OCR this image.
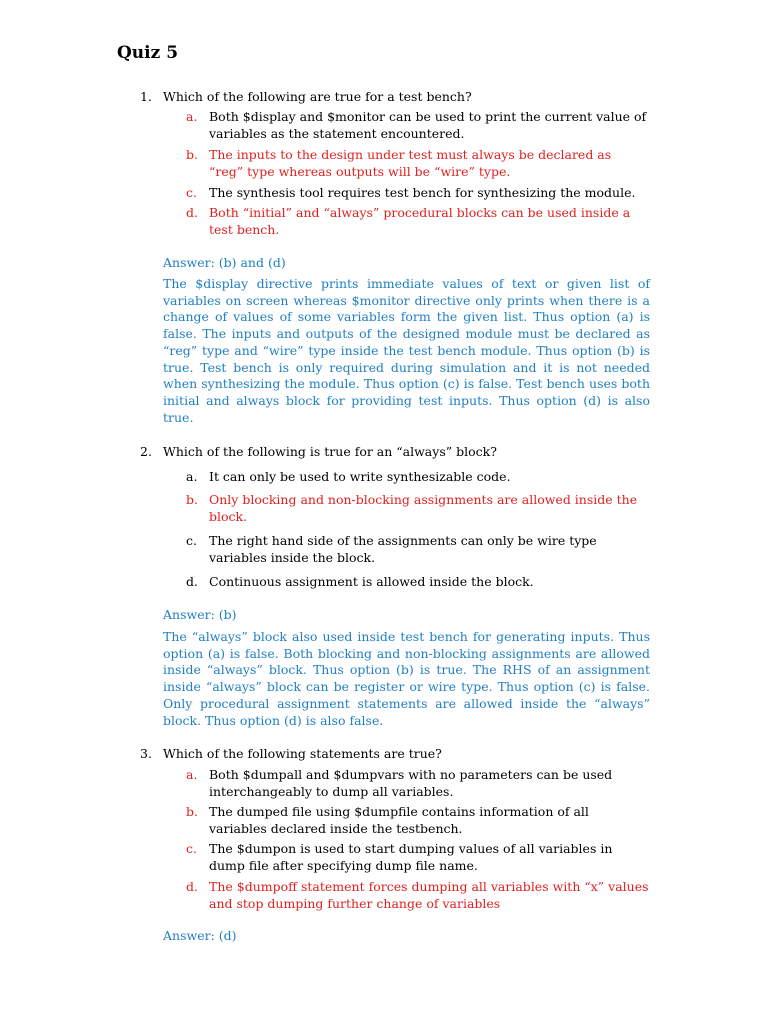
Quiz 5
1. Which of the following are true for a test bench?
a. Both $display and $monitor can be used to print the current value of variables as the statement encountered.
b. The inputs to the design under test must always be declared as “reg” type whereas outputs will be “wire” type.
c. The synthesis tool requires test bench for synthesizing the module.
d. Both “initial” and “always” procedural blocks can be used inside a test bench.
Answer: (b) and (d)
The $display directive prints immediate values of text or given list of variables on screen whereas $monitor directive only prints when there is a change of values of some variables form the given list. Thus option (a) is false. The inputs and outputs of the designed module must be declared as “reg” type and “wire” type inside the test bench module. Thus option (b) is true. Test bench is only required during simulation and it is not needed when synthesizing the module. Thus option (c) is false. Test bench uses both initial and always block for providing test inputs. Thus option (d) is also true.
2. Which of the following is true for an “always” block?
a. It can only be used to write synthesizable code.
b. Only blocking and non-blocking assignments are allowed inside the block.
c. The right hand side of the assignments can only be wire type variables inside the block.
d. Continuous assignment is allowed inside the block.
Answer: (b)
The “always” block also used inside test bench for generating inputs. Thus option (a) is false. Both blocking and non-blocking assignments are allowed inside “always” block. Thus option (b) is true. The RHS of an assignment inside “always” block can be register or wire type. Thus option (c) is false. Only procedural assignment statements are allowed inside the “always” block. Thus option (d) is also false.
3. Which of the following statements are true?
a. Both $dumpall and $dumpvars with no parameters can be used interchangeably to dump all variables.
b. The dumped file using $dumpfile contains information of all variables declared inside the testbench.
c. The $dumpon is used to start dumping values of all variables in dump file after specifying dump file name.
d. The $dumpoff statement forces dumping all variables with “x” values and stop dumping further change of variables
Answer: (d)
